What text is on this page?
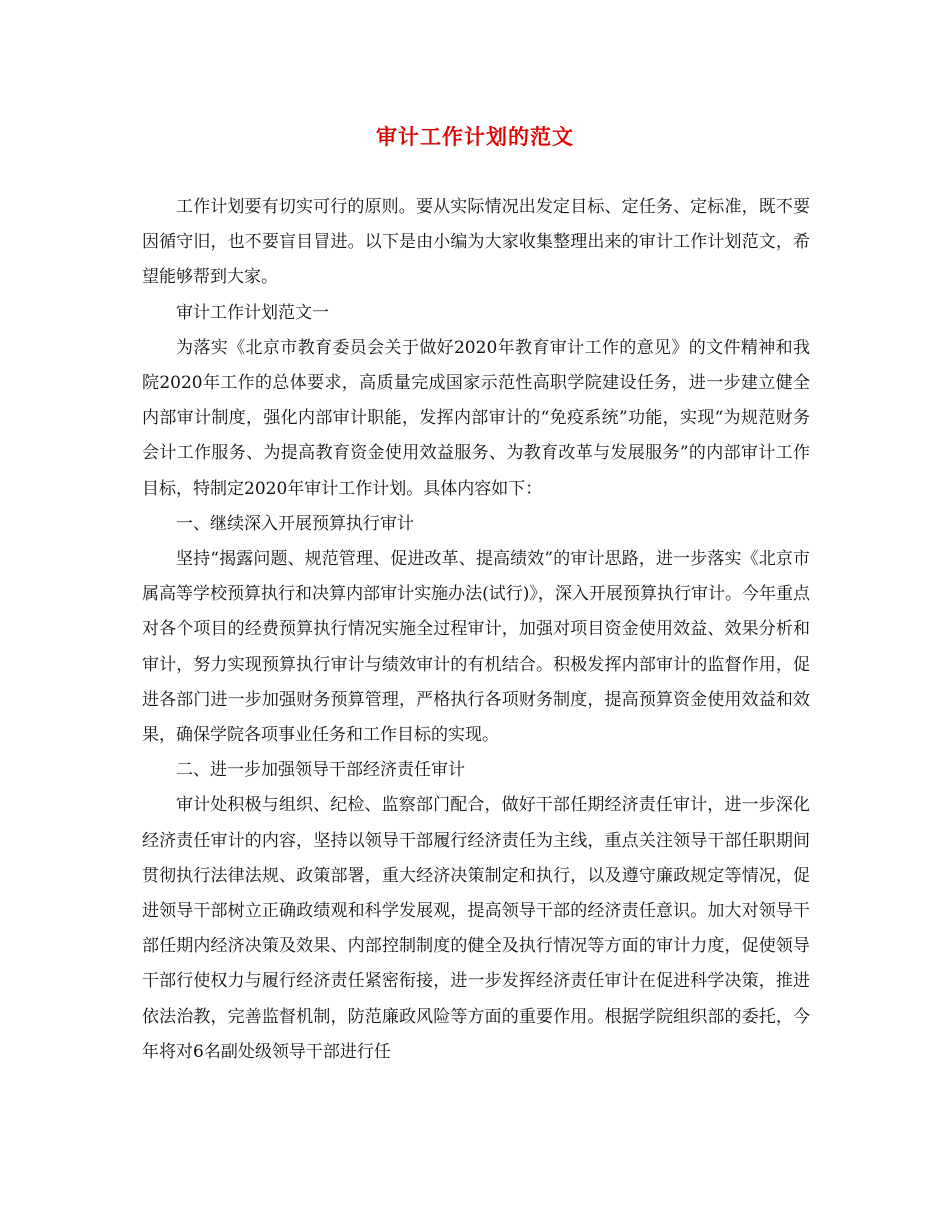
审计工作计划的范文

工作计划要有切实可行的原则。要从实际情况出发定目标、定任务、定标准，既不要因循守旧，也不要盲目冒进。以下是由小编为大家收集整理出来的审计工作计划范文，希望能够帮到大家。

审计工作计划范文一

为落实《北京市教育委员会关于做好2020年教育审计工作的意见》的文件精神和我院2020年工作的总体要求，高质量完成国家示范性高职学院建设任务，进一步建立健全内部审计制度，强化内部审计职能，发挥内部审计的“免疫系统”功能，实现“为规范财务会计工作服务、为提高教育资金使用效益服务、为教育改革与发展服务”的内部审计工作目标，特制定2020年审计工作计划。具体内容如下：

一、继续深入开展预算执行审计

坚持“揭露问题、规范管理、促进改革、提高绩效”的审计思路，进一步落实《北京市属高等学校预算执行和决算内部审计实施办法(试行)》，深入开展预算执行审计。今年重点对各个项目的经费预算执行情况实施全过程审计，加强对项目资金使用效益、效果分析和审计，努力实现预算执行审计与绩效审计的有机结合。积极发挥内部审计的监督作用，促进各部门进一步加强财务预算管理，严格执行各项财务制度，提高预算资金使用效益和效果，确保学院各项事业任务和工作目标的实现。

二、进一步加强领导干部经济责任审计

审计处积极与组织、纪检、监察部门配合，做好干部任期经济责任审计，进一步深化经济责任审计的内容，坚持以领导干部履行经济责任为主线，重点关注领导干部任职期间贯彻执行法律法规、政策部署，重大经济决策制定和执行，以及遵守廉政规定等情况，促进领导干部树立正确政绩观和科学发展观，提高领导干部的经济责任意识。加大对领导干部任期内经济决策及效果、内部控制制度的健全及执行情况等方面的审计力度，促使领导干部行使权力与履行经济责任紧密衔接，进一步发挥经济责任审计在促进科学决策，推进依法治教，完善监督机制，防范廉政风险等方面的重要作用。根据学院组织部的委托，今年将对6名副处级领导干部进行任
